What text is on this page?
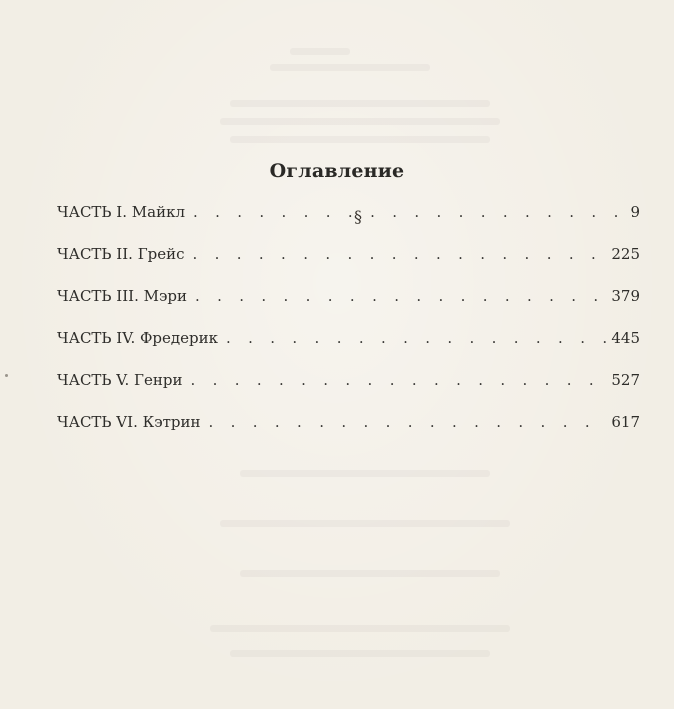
Оглавление
ЧАСТЬ I. Майкл . . .	9
ЧАСТЬ II. Грейс . . .	225
ЧАСТЬ III. Мэри . . .	379
ЧАСТЬ IV. Фредерик . . .	445
ЧАСТЬ V. Генри . . .	527
ЧАСТЬ VI. Кэтрин . . .	617
§
